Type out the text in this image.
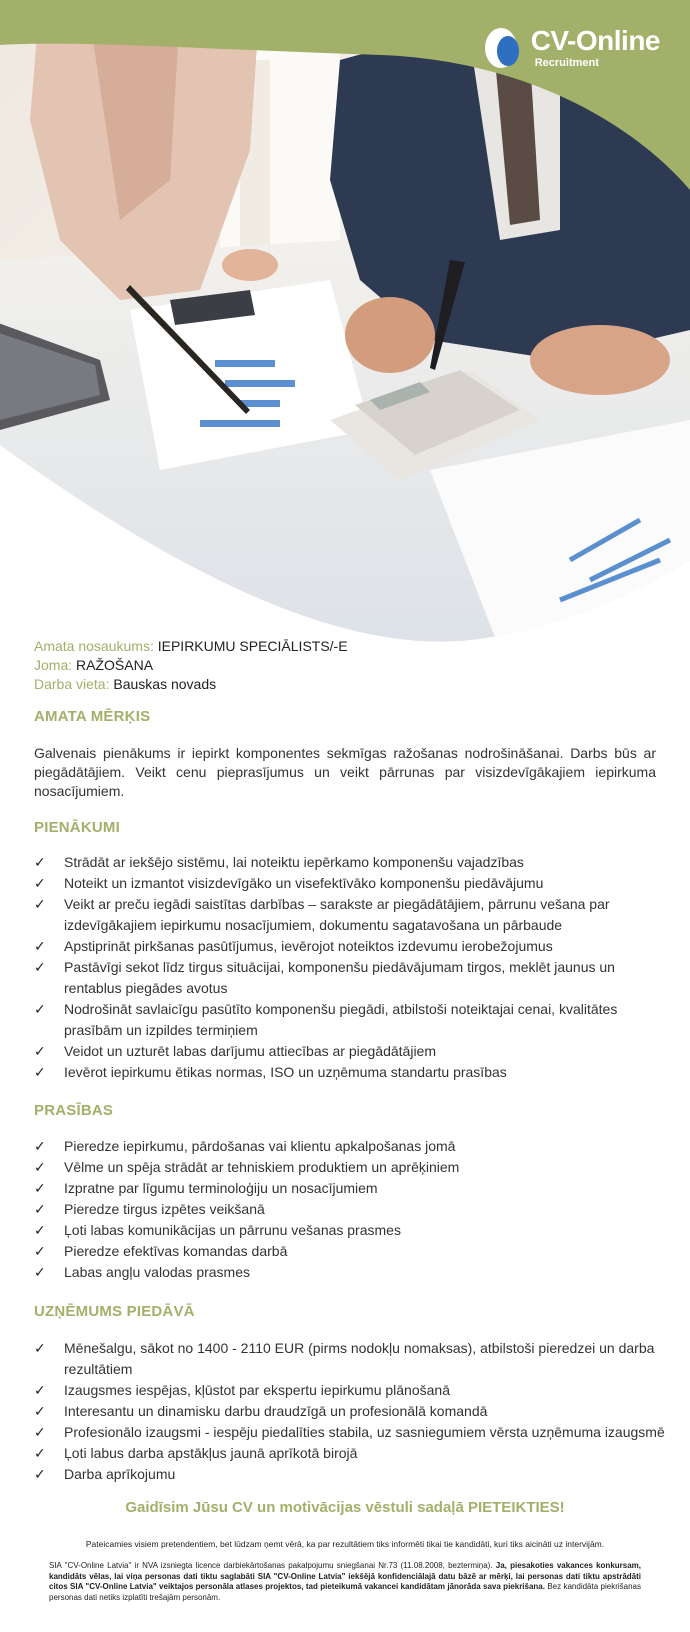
CV-Online
Recruitment
Amata nosaukums: IEPIRKUMU SPECIĀLISTS/-E
Joma: RAŽOŠANA
Darba vieta: Bauskas novads
AMATA MĒRĶIS

Galvenais pienākums ir iepirkt komponentes sekmīgas ražošanas nodrošināšanai. Darbs būs ar piegādātājiem. Veikt cenu pieprasījumus un veikt pārrunas par visizdevīgākajiem iepirkuma nosacījumiem.

PIENĀKUMI
✓ Strādāt ar iekšējo sistēmu, lai noteiktu iepērkamo komponenšu vajadzības
✓ Noteikt un izmantot visizdevīgāko un visefektīvāko komponenšu piedāvājumu
✓ Veikt ar preču iegādi saistītas darbības – sarakste ar piegādātājiem, pārrunu vešana par izdevīgākajiem iepirkumu nosacījumiem, dokumentu sagatavošana un pārbaude
✓ Apstiprināt pirkšanas pasūtījumus, ievērojot noteiktos izdevumu ierobežojumus
✓ Pastāvīgi sekot līdz tirgus situācijai, komponenšu piedāvājumam tirgos, meklēt jaunus un rentablus piegādes avotus
✓ Nodrošināt savlaicīgu pasūtīto komponenšu piegādi, atbilstoši noteiktajai cenai, kvalitātes prasībām un izpildes termiņiem
✓ Veidot un uzturēt labas darījumu attiecības ar piegādātājiem
✓ Ievērot iepirkumu ētikas normas, ISO un uzņēmuma standartu prasības
PRASĪBAS
✓ Pieredze iepirkumu, pārdošanas vai klientu apkalpošanas jomā
✓ Vēlme un spēja strādāt ar tehniskiem produktiem un aprēķiniem
✓ Izpratne par līgumu terminoloģiju un nosacījumiem
✓ Pieredze tirgus izpētes veikšanā
✓ Ļoti labas komunikācijas un pārrunu vešanas prasmes
✓ Pieredze efektīvas komandas darbā
✓ Labas angļu valodas prasmes
UZŅĒMUMS PIEDĀVĀ
✓ Mēnešalgu, sākot no 1400 - 2110 EUR (pirms nodokļu nomaksas), atbilstoši pieredzei un darba rezultātiem
✓ Izaugsmes iespējas, kļūstot par ekspertu iepirkumu plānošanā
✓ Interesantu un dinamisku darbu draudzīgā un profesionālā komandā
✓ Profesionālo izaugsmi - iespēju piedalīties stabila, uz sasniegumiem vērsta uzņēmuma izaugsmē
✓ Ļoti labus darba apstākļus jaunā aprīkotā birojā
✓ Darba aprīkojumu
Gaidīsim Jūsu CV un motivācijas vēstuli sadaļā PIETEIKTIES!
Pateicamies visiem pretendentiem, bet lūdzam ņemt vērā, ka par rezultātiem tiks informēti tikai tie kandidāti, kuri tiks aicināti uz intervijām.
SIA "CV-Online Latvia" ir NVA izsniegta licence darbiekārtošanas pakalpojumu sniegšanai Nr.73 (11.08.2008, beztermiņa). Ja, piesakoties vakances konkursam, kandidāts vēlas, lai viņa personas dati tiktu saglabāti SIA "CV-Online Latvia" iekšējā konfidenciālajā datu bāzē ar mērķi, lai personas dati tiktu apstrādāti citos SIA "CV-Online Latvia" veiktajos personāla atlases projektos, tad pieteikumā vakancei kandidātam jānorāda sava piekrišana. Bez kandidāta piekrišanas personas dati netiks izplatīti trešajām personām.
